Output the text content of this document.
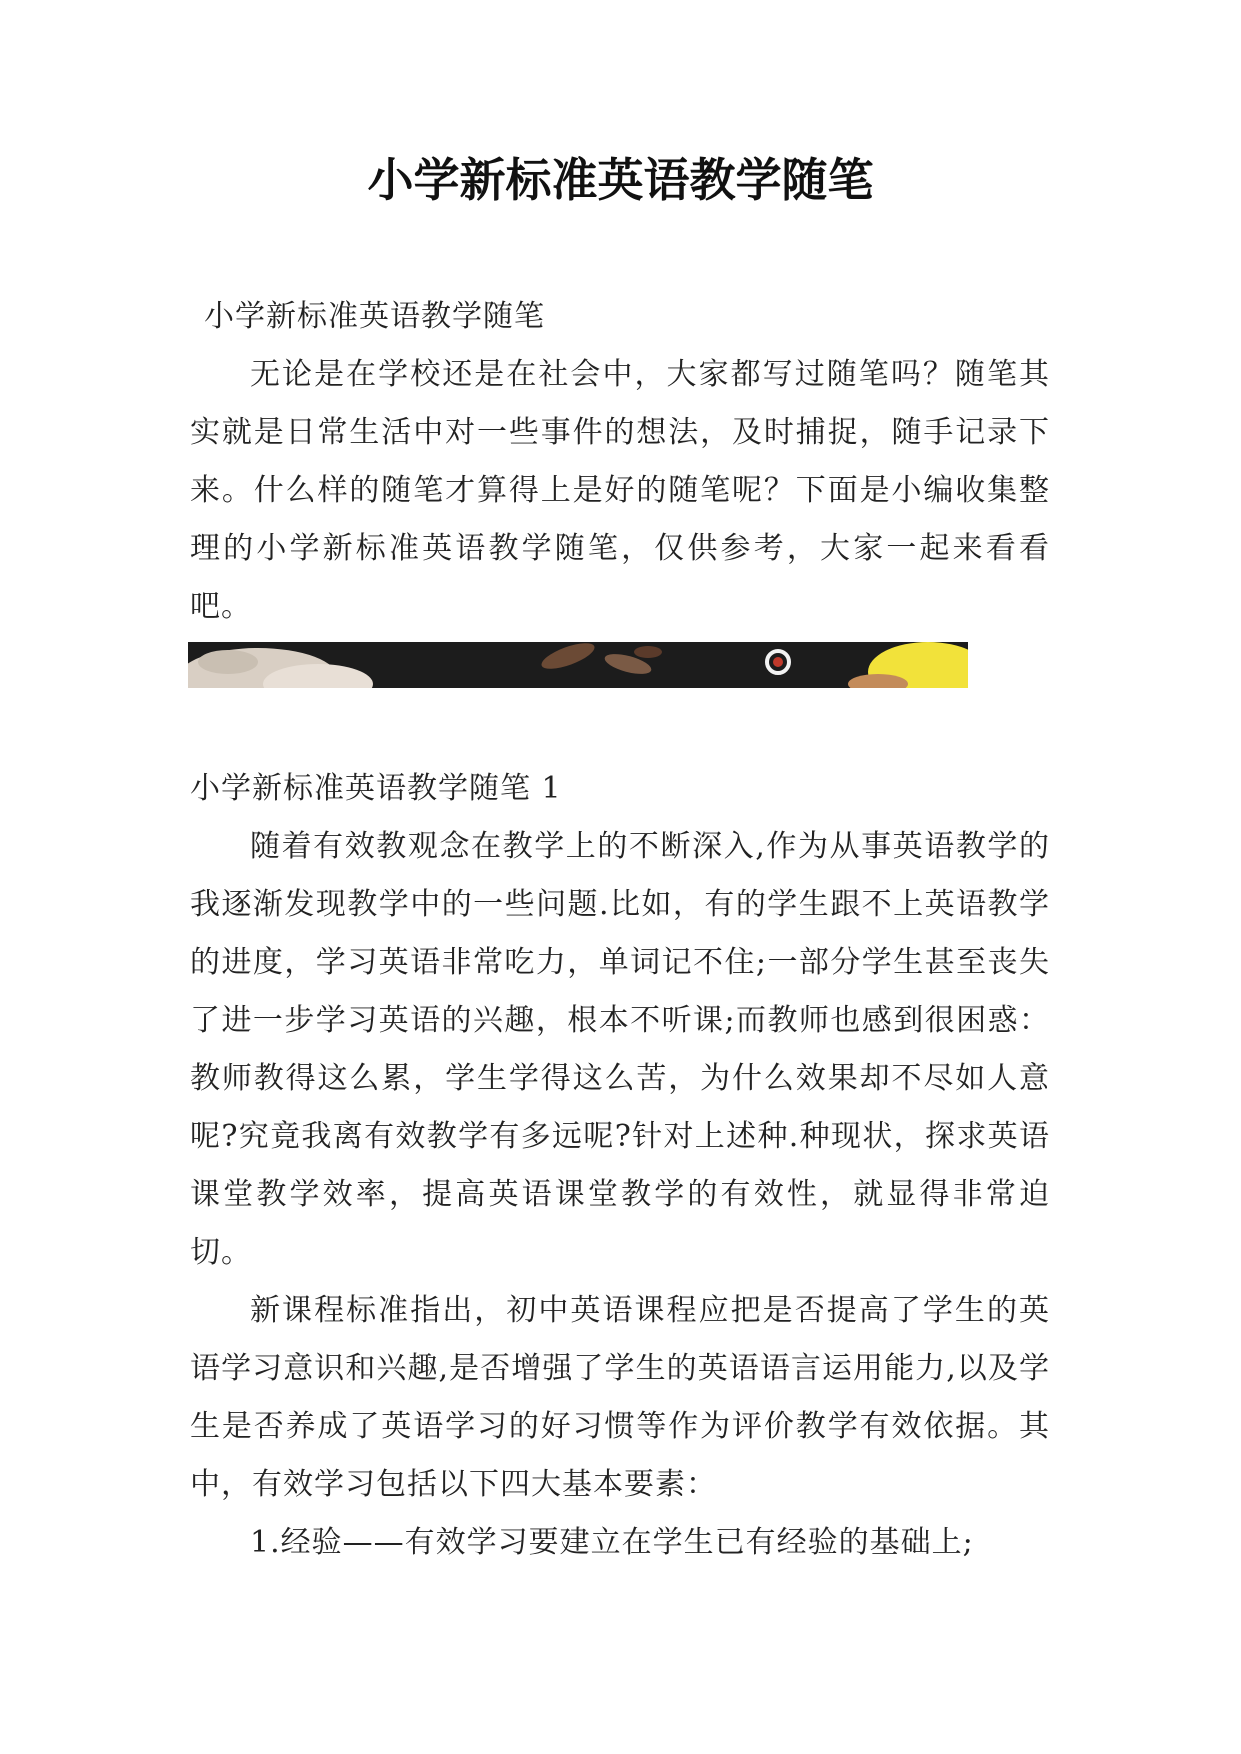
小学新标准英语教学随笔
小学新标准英语教学随笔

无论是在学校还是在社会中，大家都写过随笔吗？随笔其实就是日常生活中对一些事件的想法，及时捕捉，随手记录下来。什么样的随笔才算得上是好的随笔呢？下面是小编收集整理的小学新标准英语教学随笔，仅供参考，大家一起来看看吧。

小学新标准英语教学随笔 1

随着有效教观念在教学上的不断深入,作为从事英语教学的我逐渐发现教学中的一些问题.比如，有的学生跟不上英语教学的进度，学习英语非常吃力，单词记不住;一部分学生甚至丧失了进一步学习英语的兴趣，根本不听课;而教师也感到很困惑：教师教得这么累，学生学得这么苦，为什么效果却不尽如人意呢?究竟我离有效教学有多远呢?针对上述种.种现状，探求英语课堂教学效率，提高英语课堂教学的有效性，就显得非常迫切。

新课程标准指出，初中英语课程应把是否提高了学生的英语学习意识和兴趣,是否增强了学生的英语语言运用能力,以及学生是否养成了英语学习的好习惯等作为评价教学有效依据。其中，有效学习包括以下四大基本要素：

1.经验——有效学习要建立在学生已有经验的基础上;
